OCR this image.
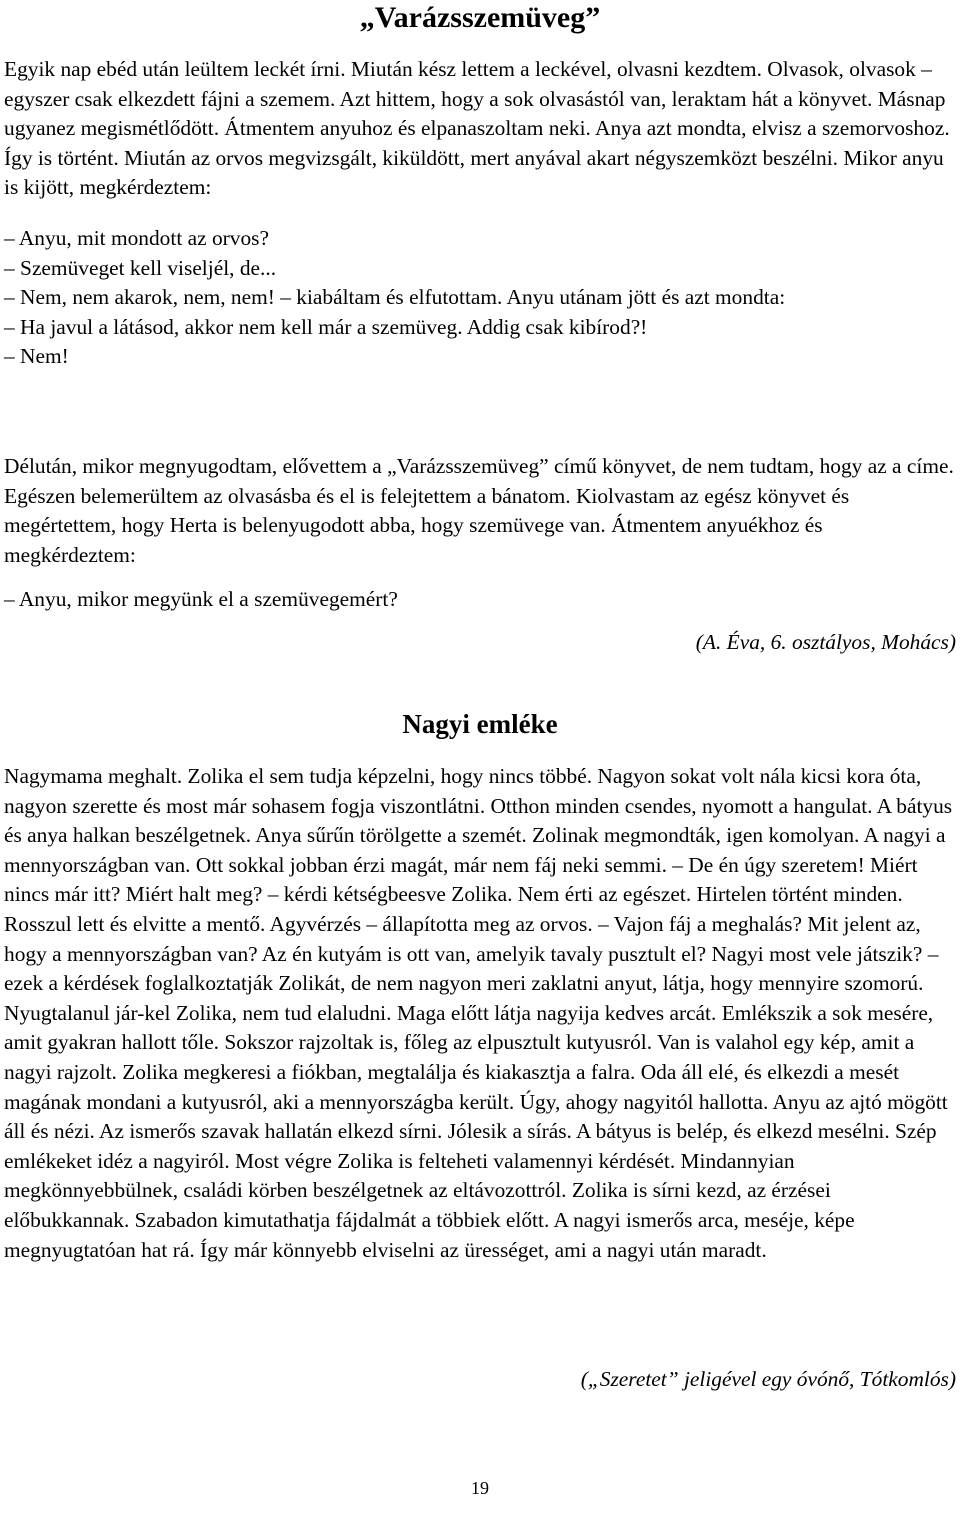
„Varázsszemüveg”

Egyik nap ebéd után leültem leckét írni. Miután kész lettem a leckével, olvasni kezdtem. Olvasok, olvasok – egyszer csak elkezdett fájni a szemem. Azt hittem, hogy a sok olvasástól van, leraktam hát a könyvet. Másnap ugyanez megismétlődött. Átmentem anyuhoz és elpanaszoltam neki. Anya azt mondta, elvisz a szemorvoshoz. Így is történt. Miután az orvos megvizsgált, kiküldött, mert anyával akart négyszemközt beszélni. Mikor anyu is kijött, megkérdeztem:

– Anyu, mit mondott az orvos?

– Szemüveget kell viseljél, de...

– Nem, nem akarok, nem, nem! – kiabáltam és elfutottam. Anyu utánam jött és azt mondta:

– Ha javul a látásod, akkor nem kell már a szemüveg. Addig csak kibírod?!

– Nem!

Délután, mikor megnyugodtam, elővettem a „Varázsszemüveg” című könyvet, de nem tudtam, hogy az a címe. Egészen belemerültem az olvasásba és el is felejtettem a bánatom. Kiolvastam az egész könyvet és megértettem, hogy Herta is belenyugodott abba, hogy szemüvege van. Átmentem anyuékhoz és megkérdeztem:

– Anyu, mikor megyünk el a szemüvegemért?

(A. Éva, 6. osztályos, Mohács)

Nagyi emléke

Nagymama meghalt. Zolika el sem tudja képzelni, hogy nincs többé. Nagyon sokat volt nála kicsi kora óta, nagyon szerette és most már sohasem fogja viszontlátni. Otthon minden csendes, nyomott a hangulat. A bátyus és anya halkan beszélgetnek. Anya sűrűn törölgette a szemét. Zolinak megmondták, igen komolyan. A nagyi a mennyországban van. Ott sokkal jobban érzi magát, már nem fáj neki semmi. – De én úgy szeretem! Miért nincs már itt? Miért halt meg? – kérdi kétségbeesve Zolika. Nem érti az egészet. Hirtelen történt minden. Rosszul lett és elvitte a mentő. Agyvérzés – állapította meg az orvos. – Vajon fáj a meghalás? Mit jelent az, hogy a mennyországban van? Az én kutyám is ott van, amelyik tavaly pusztult el? Nagyi most vele játszik? – ezek a kérdések foglalkoztatják Zolikát, de nem nagyon meri zaklatni anyut, látja, hogy mennyire szomorú. Nyugtalanul jár-kel Zolika, nem tud elaludni. Maga előtt látja nagyija kedves arcát. Emlékszik a sok mesére, amit gyakran hallott tőle. Sokszor rajzoltak is, főleg az elpusztult kutyusról. Van is valahol egy kép, amit a nagyi rajzolt. Zolika megkeresi a fiókban, megtalálja és kiakasztja a falra. Oda áll elé, és elkezdi a mesét magának mondani a kutyusról, aki a mennyországba került. Úgy, ahogy nagyitól hallotta. Anyu az ajtó mögött áll és nézi. Az ismerős szavak hallatán elkezd sírni. Jólesik a sírás. A bátyus is belép, és elkezd mesélni. Szép emlékeket idéz a nagyiról. Most végre Zolika is felteheti valamennyi kérdését. Mindannyian megkönnyebbülnek, családi körben beszélgetnek az eltávozottról. Zolika is sírni kezd, az érzései előbukkannak. Szabadon kimutathatja fájdalmát a többiek előtt. A nagyi ismerős arca, meséje, képe megnyugtatóan hat rá. Így már könnyebb elviselni az ürességet, ami a nagyi után maradt.

(„Szeretet” jeligével egy óvónő, Tótkomlós)

19
